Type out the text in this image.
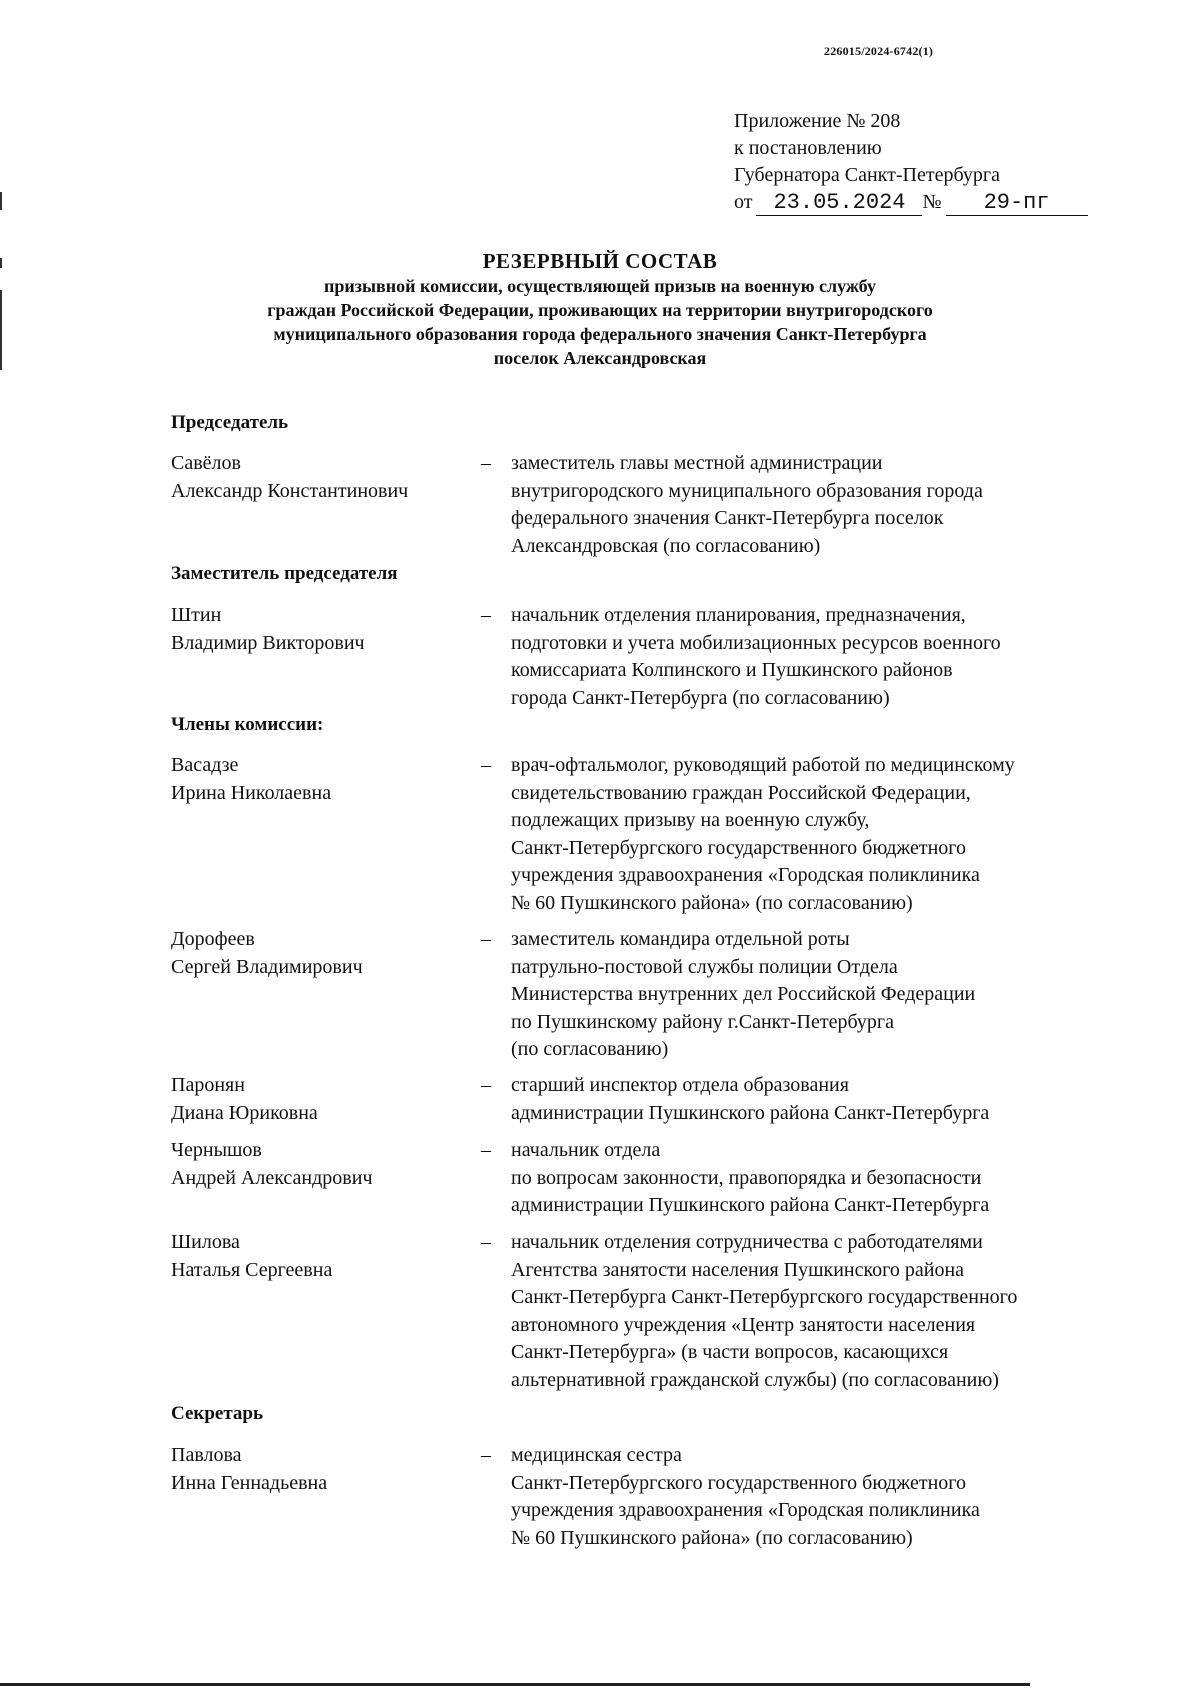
226015/2024-6742(1)
Приложение № 208
к постановлению
Губернатора Санкт-Петербурга
от 23.05.2024 №	29-пг
РЕЗЕРВНЫЙ СОСТАВ
призывной комиссии, осуществляющей призыв на военную службу
граждан Российской Федерации, проживающих на территории внутригородского
муниципального образования города федерального значения Санкт-Петербурга
поселок Александровская
Председатель
Савёлов
Александр Константинович
–	заместитель главы местной администрации
внутригородского муниципального образования города
федерального значения Санкт-Петербурга поселок
Александровская (по согласованию)
Заместитель председателя
Штин
Владимир Викторович
–	начальник отделения планирования, предназначения,
подготовки и учета мобилизационных ресурсов военного
комиссариата Колпинского и Пушкинского районов
города Санкт-Петербурга (по согласованию)
Члены комиссии:
Васадзе
Ирина Николаевна
–	врач-офтальмолог, руководящий работой по медицинскому
свидетельствованию граждан Российской Федерации,
подлежащих призыву на военную службу,
Санкт-Петербургского государственного бюджетного
учреждения здравоохранения «Городская поликлиника
№ 60 Пушкинского района» (по согласованию)
Дорофеев
Сергей Владимирович
–	заместитель командира отдельной роты
патрульно-постовой службы полиции Отдела
Министерства внутренних дел Российской Федерации
по Пушкинскому району г.Санкт-Петербурга
(по согласованию)
Паронян
Диана Юриковна
–	старший инспектор отдела образования
администрации Пушкинского района Санкт-Петербурга
Чернышов
Андрей Александрович
–	начальник отдела
по вопросам законности, правопорядка и безопасности
администрации Пушкинского района Санкт-Петербурга
Шилова
Наталья Сергеевна
–	начальник отделения сотрудничества с работодателями
Агентства занятости населения Пушкинского района
Санкт-Петербурга Санкт-Петербургского государственного
автономного учреждения «Центр занятости населения
Санкт-Петербурга» (в части вопросов, касающихся
альтернативной гражданской службы) (по согласованию)
Секретарь
Павлова
Инна Геннадьевна
–	медицинская сестра
Санкт-Петербургского государственного бюджетного
учреждения здравоохранения «Городская поликлиника
№ 60 Пушкинского района» (по согласованию)
